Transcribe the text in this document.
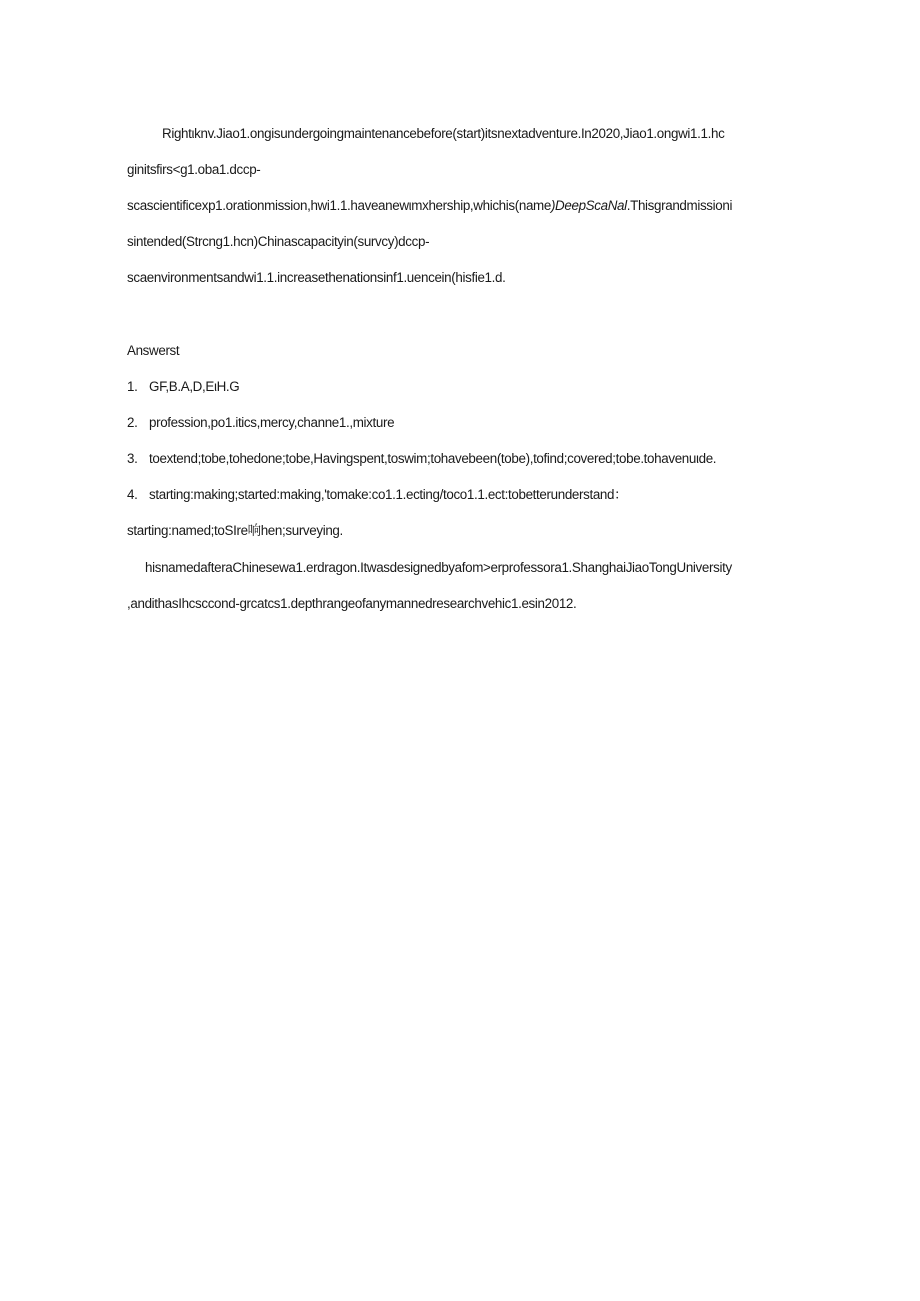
Rightιknv.Jiao1.ongisundergoingmaintenancebefore(start)itsnextadventure.In2020,Jiao1.ongwi1.1.hc
ginitsfirs<g1.oba1.dccp-
scascientificexp1.orationmission,hwi1.1.haveanewιmxhership,whichis(name)DeepScaNal.Thisgrandmissioni
sintended(Strcng1.hcn)Chinascapacityin(survcy)dccp-
scaenvironmentsandwi1.1.increasethenationsinf1.uencein(hisfie1.d.
Answerst
1. GF,B.A,D,EιH.G
2. profession,po1.itics,mercy,channe1.,mixture
3. toextend;tobe,tohedone;tobe,Havingspent,toswim;tohavebeen(tobe),tofind;covered;tobe.tohavenuιde.
4. starting:making;started:making,'tomake:co1.1.ecting/toco1.1.ect:tobetterunderstand：
starting:named;toSIre响hen;surveying.
hisnamedafteraChinesewa1.erdragon.Itwasdesignedbyafom>erprofessora1.ShanghaiJiaoTongUniversity
,andithasIhcsccond-grcatcs1.depthrangeofanymannedresearchvehic1.esin2012.
